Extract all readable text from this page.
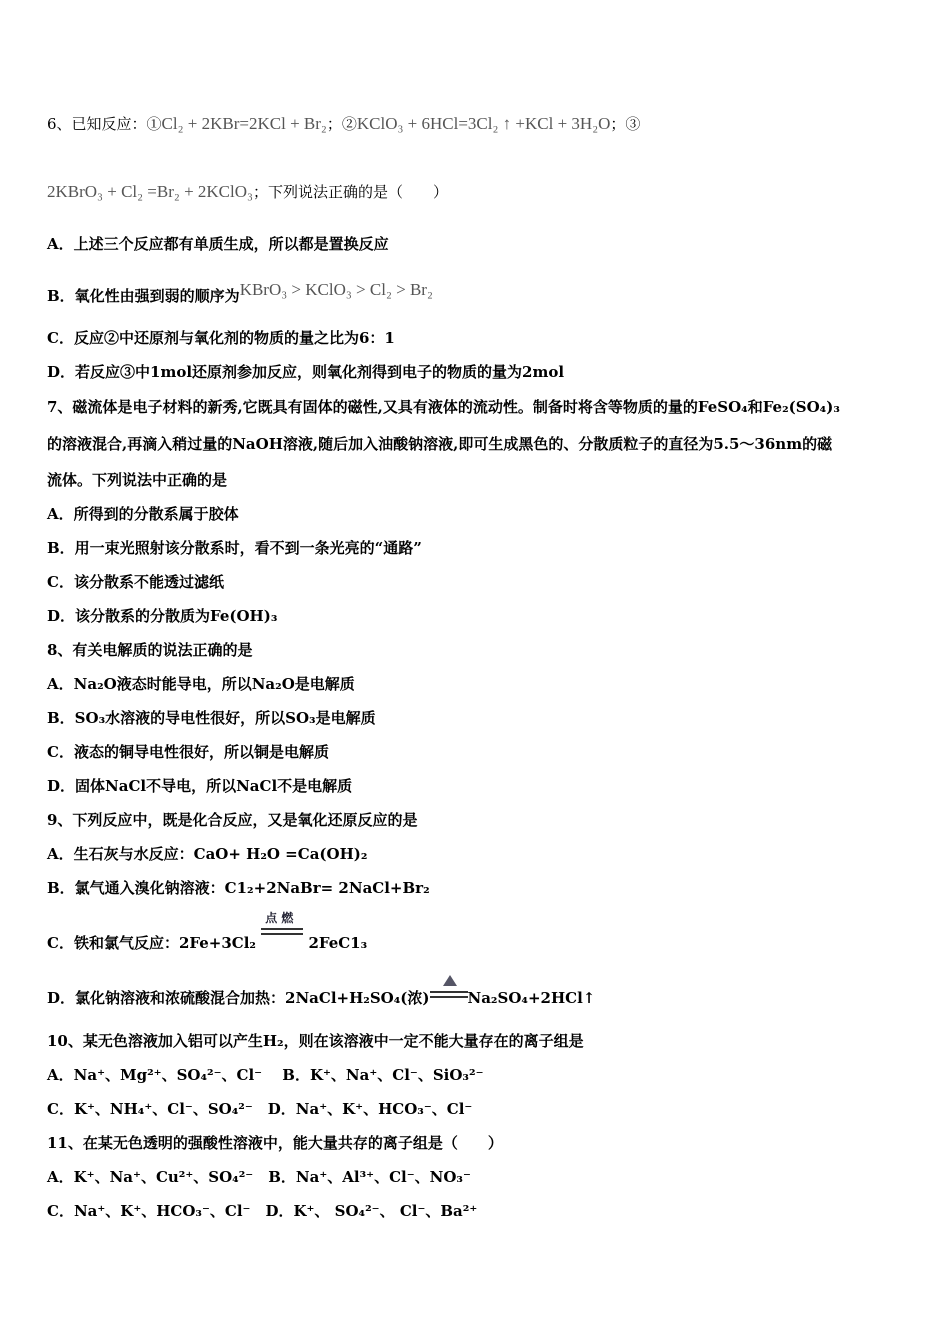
6、已知反应：①Cl₂ + 2KBr=2KCl + Br₂；②KClO₃ + 6HCl=3Cl₂ ↑ +KCl + 3H₂O；③
2KBrO₃ + Cl₂ =Br₂ + 2KClO₃；下列说法正确的是（　　）
A．上述三个反应都有单质生成，所以都是置换反应
B．氧化性由强到弱的顺序为KBrO₃ > KClO₃ > Cl₂ > Br₂
C．反应②中还原剂与氧化剂的物质的量之比为6：1
D．若反应③中1mol还原剂参加反应，则氧化剂得到电子的物质的量为2mol
7、磁流体是电子材料的新秀,它既具有固体的磁性,又具有液体的流动性。制备时将含等物质的量的FeSO₄和Fe₂(SO₄)₃
的溶液混合,再滴入稍过量的NaOH溶液,随后加入油酸钠溶液,即可生成黑色的、分散质粒子的直径为5.5～36nm的磁
流体。下列说法中正确的是
A．所得到的分散系属于胶体
B．用一束光照射该分散系时，看不到一条光亮的“通路”
C．该分散系不能透过滤纸
D．该分散系的分散质为Fe(OH)₃
8、有关电解质的说法正确的是
A．Na₂O液态时能导电，所以Na₂O是电解质
B．SO₃水溶液的导电性很好，所以SO₃是电解质
C．液态的铜导电性很好，所以铜是电解质
D．固体NaCl不导电，所以NaCl不是电解质
9、下列反应中，既是化合反应，又是氧化还原反应的是
A．生石灰与水反应：CaO+ H₂O =Ca(OH)₂
B．氯气通入溴化钠溶液：C1₂+2NaBr= 2NaCl+Br₂
C．铁和氯气反应：2Fe+3Cl₂
点 燃
2FeC1₃
D．氯化钠溶液和浓硫酸混合加热：2NaCl+H₂SO₄(浓)	Na₂SO₄+2HCl↑
10、某无色溶液加入铝可以产生H₂，则在该溶液中一定不能大量存在的离子组是
A．Na⁺、Mg²⁺、SO₄²⁻、Cl⁻　 B．K⁺、Na⁺、Cl⁻、SiO₃²⁻
C．K⁺、NH₄⁺、Cl⁻、SO₄²⁻　D．Na⁺、K⁺、HCO₃⁻、Cl⁻
11、在某无色透明的强酸性溶液中，能大量共存的离子组是（　　）
A．K⁺、Na⁺、Cu²⁺、SO₄²⁻　B．Na⁺、Al³⁺、Cl⁻、NO₃⁻
C．Na⁺、K⁺、HCO₃⁻、Cl⁻　D．K⁺、 SO₄²⁻、 Cl⁻、Ba²⁺
